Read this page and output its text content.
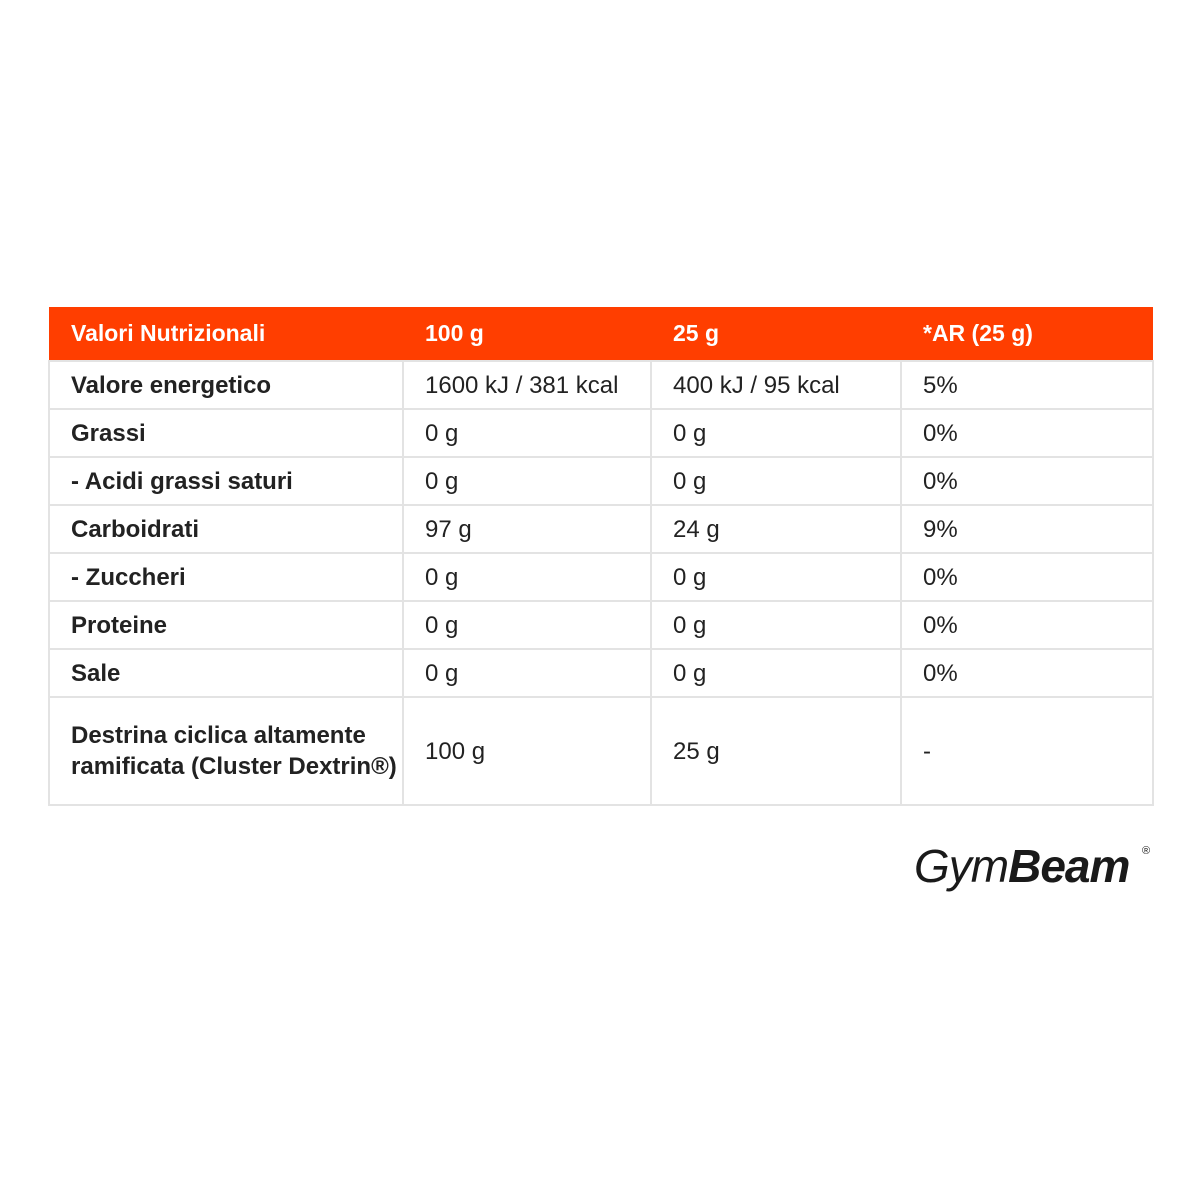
Valori Nutrizionali	100 g	25 g	*AR (25 g)
Valore energetico	1600 kJ / 381 kcal	400 kJ / 95 kcal	5%
Grassi	0 g	0 g	0%
- Acidi grassi saturi	0 g	0 g	0%
Carboidrati	97 g	24 g	9%
- Zuccheri	0 g	0 g	0%
Proteine	0 g	0 g	0%
Sale	0 g	0 g	0%
Destrina ciclica altamente ramificata (Cluster Dextrin®)	100 g	25 g	-
GymBeam ®
